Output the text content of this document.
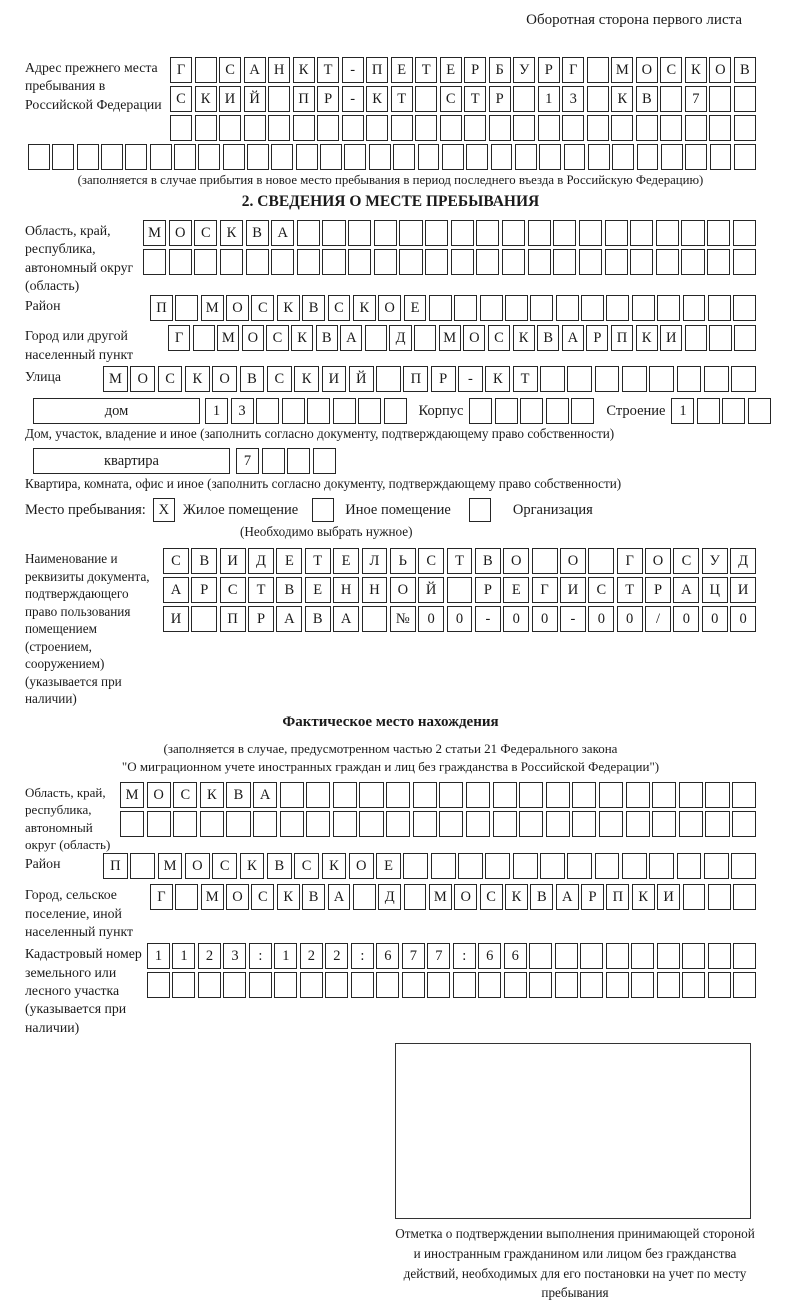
Оборотная сторона первого листа
Адрес прежнего места пребывания в Российской Федерации
Г	С А Н К	Т	-	П	Е	Т	Е	Р	Б	У	Р	Г	М О С	К О В
С	К И Й	П	Р	-	К	Т	С	Т	Р	1	3	К	В	7
(заполняется в случае прибытия в новое место пребывания в период последнего въезда в Российскую Федерацию)
2. СВЕДЕНИЯ О МЕСТЕ ПРЕБЫВАНИЯ
Область, край, республика, автономный округ (область)
М О	С	К	В	А
Район	П	М О	С	К	В	С	К	О	Е
Город или другой населенный пункт
Г	М О	С	К	В	А	Д	М О	С	К	В	А	Р	П	К	И
Улица	М	О	С	К	О	В	С	К	И	Й	П	Р	-	К	Т
дом	1	3	Корпус	Строение 1
Дом, участок, владение и иное (заполнить согласно документу, подтверждающему право собственности)
квартира	7
Квартира, комната, офис и иное (заполнить согласно документу, подтверждающему право собственности)
Место пребывания: X Жилое помещение	Иное помещение	Организация
(Необходимо выбрать нужное)
Наименование и реквизиты документа, подтверждающего право пользования помещением (строением, сооружением) (указывается при наличии)
С	В	И	Д	Е	Т	Е	Л	Ь	С	Т	В	О	О	Г	О	С	У	Д
А	Р	С	Т	В	Е	Н	Н	О	Й	Р	Е	Г	И	С	Т	Р	А	Ц	И
И	П	Р	А	В	А	№	0	0	-	0	0	-	0	0	/	0	0	0
Фактическое место нахождения
(заполняется в случае, предусмотренном частью 2 статьи 21 Федерального закона
"О миграционном учете иностранных граждан и лиц без гражданства в Российской Федерации")
Область, край, республика, автономный округ (область)
М	О	С	К	В	А
Район	П	М	О	С	К	В	С	К	О	Е
Город, сельское поселение, иной населенный пункт
Г	М О	С	К	В	А	Д	М О	С	К	В	А	Р	П	К	И
Кадастровый номер земельного или лесного участка (указывается при наличии)
1	1	2	3	:	1	2	2	:	6	7	7	:	6	6
Отметка о подтверждении выполнения принимающей стороной и иностранным гражданином или лицом без гражданства действий, необходимых для его постановки на учет по месту пребывания
